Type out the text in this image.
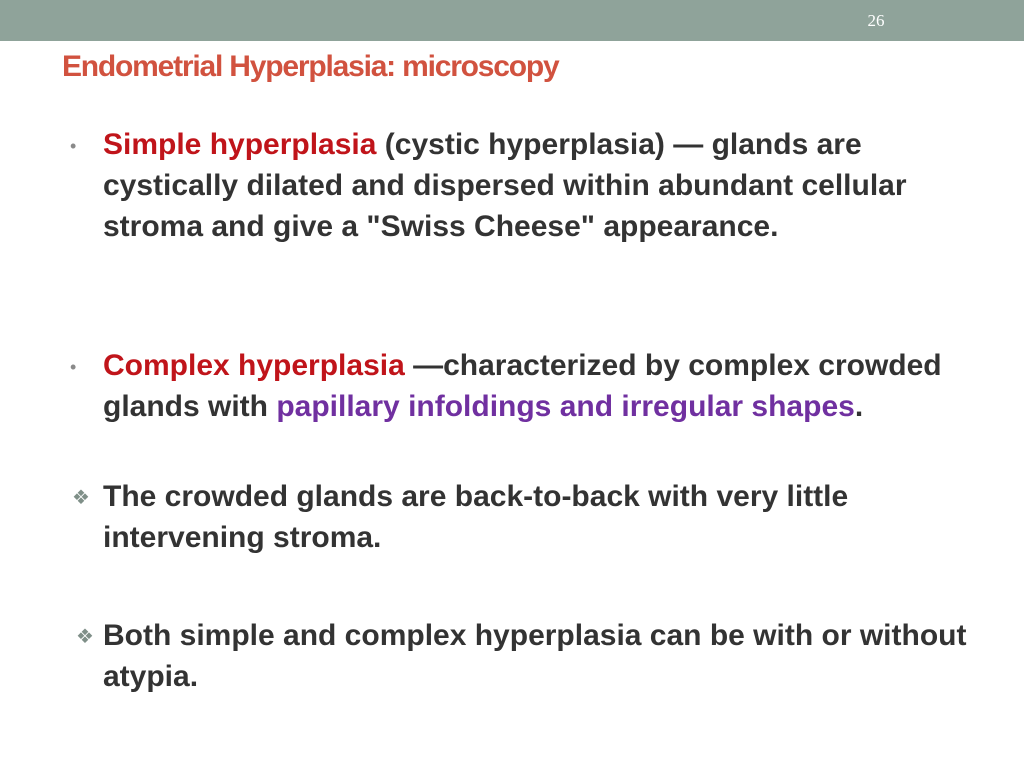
26
Endometrial Hyperplasia: microscopy
• Simple hyperplasia (cystic hyperplasia) — glands are cystically dilated and dispersed within abundant cellular stroma and give a "Swiss Cheese" appearance.
• Complex hyperplasia —characterized by complex crowded glands with papillary infoldings and irregular shapes.
❖ The crowded glands are back-to-back with very little intervening stroma.
❖ Both simple and complex hyperplasia can be with or without atypia.
